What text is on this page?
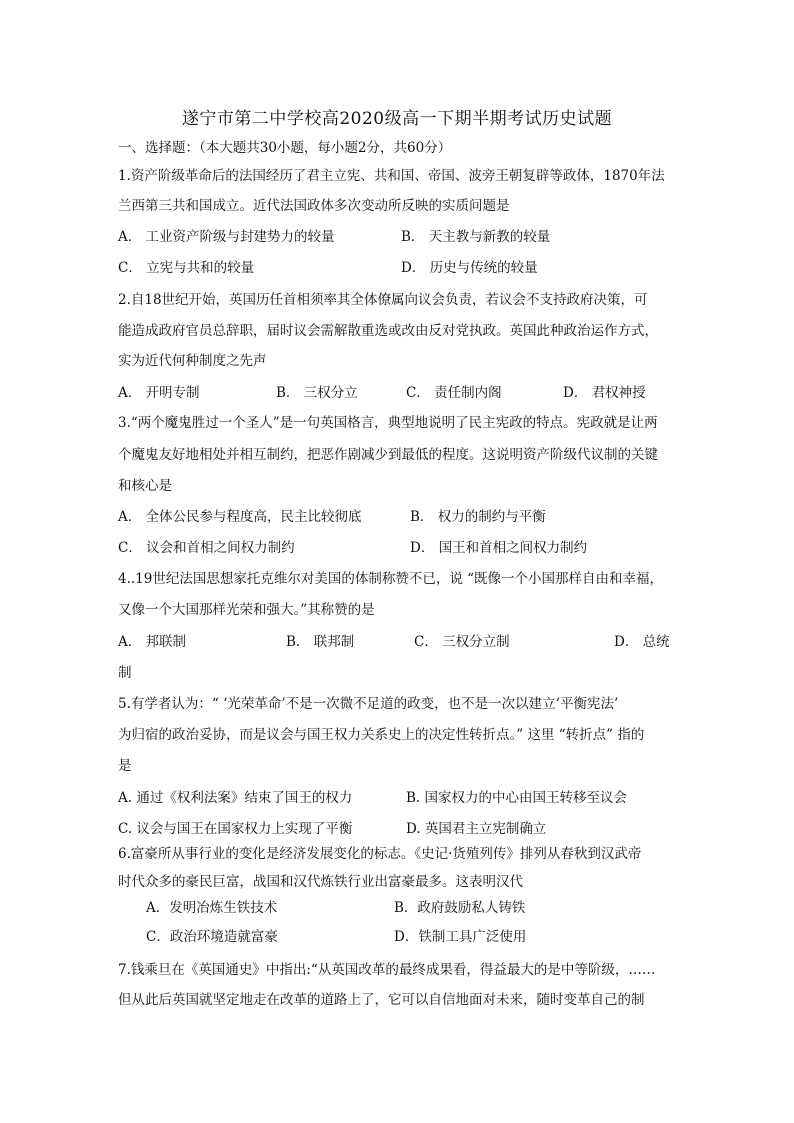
遂宁市第二中学校高2020级高一下期半期考试历史试题
一、选择题：（本大题共30小题，每小题2分，共60分）
1.资产阶级革命后的法国经历了君主立宪、共和国、帝国、波旁王朝复辟等政体，1870年法
兰西第三共和国成立。近代法国政体多次变动所反映的实质问题是
A． 工业资产阶级与封建势力的较量	B． 天主教与新教的较量
C． 立宪与共和的较量	D． 历史与传统的较量
2.自18世纪开始，英国历任首相须率其全体僚属向议会负责，若议会不支持政府决策，可
能造成政府官员总辞职，届时议会需解散重选或改由反对党执政。英国此种政治运作方式，
实为近代何种制度之先声
A． 开明专制	B． 三权分立	C． 责任制内阁	D． 君权神授
3.“两个魔鬼胜过一个圣人”是一句英国格言，典型地说明了民主宪政的特点。宪政就是让两
个魔鬼友好地相处并相互制约，把恶作剧减少到最低的程度。这说明资产阶级代议制的关键
和核心是
A． 全体公民参与程度高，民主比较彻底	B． 权力的制约与平衡
C． 议会和首相之间权力制约	D． 国王和首相之间权力制约
4..19世纪法国思想家托克维尔对美国的体制称赞不已，说 “既像一个小国那样自由和幸福，
又像一个大国那样光荣和强大。”其称赞的是
A． 邦联制	B． 联邦制	C． 三权分立制	D． 总统
制
5.有学者认为：“ ‘光荣革命’不是一次微不足道的政变，也不是一次以建立‘平衡宪法’
为归宿的政治妥协，而是议会与国王权力关系史上的决定性转折点。” 这里 “转折点” 指的
是
A. 通过《权利法案》结束了国王的权力	B. 国家权力的中心由国王转移至议会
C. 议会与国王在国家权力上实现了平衡	D. 英国君主立宪制确立
6.富豪所从事行业的变化是经济发展变化的标志。《史记·货殖列传》排列从春秋到汉武帝
时代众多的豪民巨富，战国和汉代炼铁行业出富豪最多。这表明汉代
A．发明冶炼生铁技术	B．政府鼓励私人铸铁
C．政治环境造就富豪	D．铁制工具广泛使用
7.钱乘旦在《英国通史》中指出:“从英国改革的最终成果看，得益最大的是中等阶级，……
但从此后英国就坚定地走在改革的道路上了，它可以自信地面对未来，随时变革自己的制
